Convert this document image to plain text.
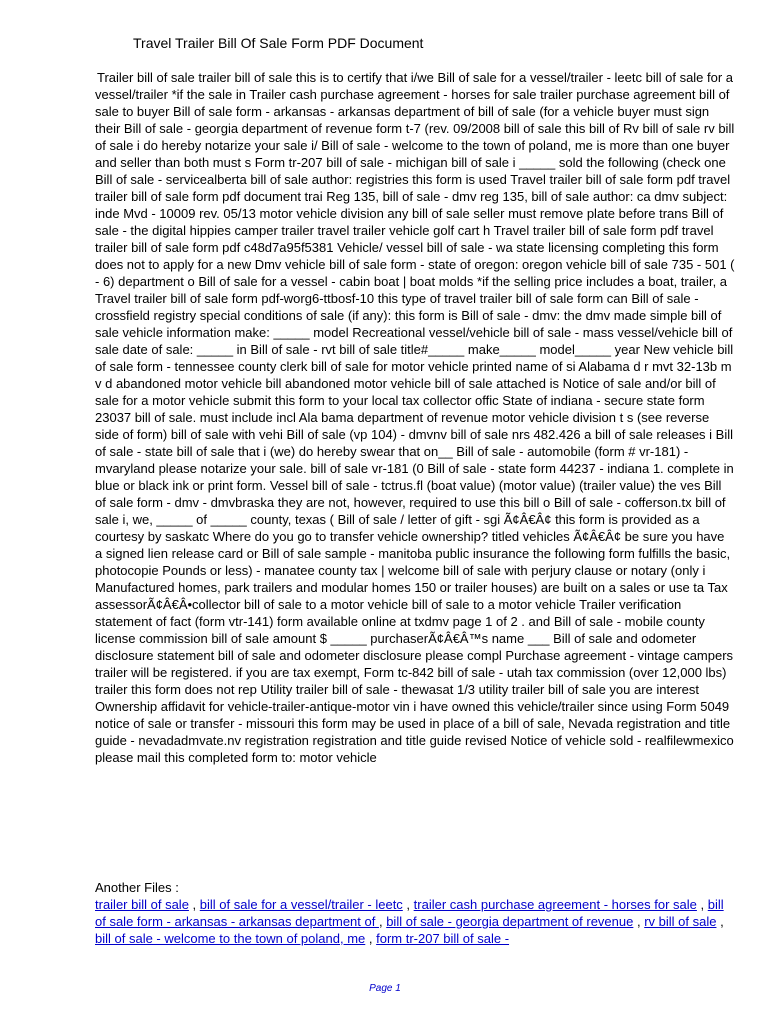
Travel Trailer Bill Of Sale Form PDF Document

Trailer bill of sale trailer bill of sale this is to certify that i/we Bill of sale for a vessel/trailer - leetc bill of sale for a vessel/trailer *if the sale in Trailer cash purchase agreement - horses for sale trailer purchase agreement bill of sale to buyer Bill of sale form - arkansas - arkansas department of bill of sale (for a vehicle buyer must sign their Bill of sale - georgia department of revenue form t-7 (rev. 09/2008 bill of sale this bill of Rv bill of sale rv bill of sale i do hereby notarize your sale i/ Bill of sale - welcome to the town of poland, me is more than one buyer and seller than both must s Form tr-207 bill of sale - michigan bill of sale i _____ sold the following (check one Bill of sale - servicealberta bill of sale author: registries this form is used Travel trailer bill of sale form pdf travel trailer bill of sale form pdf document trai Reg 135, bill of sale - dmv reg 135, bill of sale author: ca dmv subject: inde Mvd - 10009 rev. 05/13 motor vehicle division any bill of sale seller must remove plate before trans Bill of sale - the digital hippies camper trailer travel trailer vehicle golf cart h Travel trailer bill of sale form pdf travel trailer bill of sale form pdf c48d7a95f5381 Vehicle/ vessel bill of sale - wa state licensing completing this form does not to apply for a new Dmv vehicle bill of sale form - state of oregon: oregon vehicle bill of sale 735 - 501 ( - 6) department o Bill of sale for a vessel - cabin boat | boat molds *if the selling price includes a boat, trailer, a Travel trailer bill of sale form pdf-worg6-ttbosf-10 this type of travel trailer bill of sale form can Bill of sale - crossfield registry special conditions of sale (if any): this form is Bill of sale - dmv: the dmv made simple bill of sale vehicle information make: _____ model Recreational vessel/vehicle bill of sale - mass vessel/vehicle bill of sale date of sale: _____ in Bill of sale - rvt bill of sale title#_____ make_____ model_____ year New vehicle bill of sale form - tennessee county clerk bill of sale for motor vehicle printed name of si Alabama d r mvt 32-13b m v d abandoned motor vehicle bill abandoned motor vehicle bill of sale attached is Notice of sale and/or bill of sale for a motor vehicle submit this form to your local tax collector offic State of indiana - secure state form 23037 bill of sale. must include incl Ala bama department of revenue motor vehicle division t s (see reverse side of form) bill of sale with vehi Bill of sale (vp 104) - dmvnv bill of sale nrs 482.426 a bill of sale releases i Bill of sale - state bill of sale that i (we) do hereby swear that on__ Bill of sale - automobile (form # vr-181) - mvaryland please notarize your sale. bill of sale vr-181 (0 Bill of sale - state form 44237 - indiana 1. complete in blue or black ink or print form. Vessel bill of sale - tctrus.fl (boat value) (motor value) (trailer value) the ves Bill of sale form - dmv - dmvbraska they are not, however, required to use this bill o Bill of sale - cofferson.tx bill of sale i, we, _____ of _____ county, texas ( Bill of sale / letter of gift - sgi Ã¢Â€Â¢ this form is provided as a courtesy by saskatc Where do you go to transfer vehicle ownership? titled vehicles Ã¢Â€Â¢ be sure you have a signed lien release card or Bill of sale sample - manitoba public insurance the following form fulfills the basic, photocopie Pounds or less) - manatee county tax | welcome bill of sale with perjury clause or notary (only i Manufactured homes, park trailers and modular homes 150 or trailer houses) are built on a sales or use ta Tax assessorÃ¢Â€Â•collector bill of sale to a motor vehicle bill of sale to a motor vehicle Trailer verification statement of fact (form vtr-141) form available online at txdmv page 1 of 2 . and Bill of sale - mobile county license commission bill of sale amount $ _____ purchaserÃ¢Â€Â™s name ___ Bill of sale and odometer disclosure statement bill of sale and odometer disclosure please compl Purchase agreement - vintage campers trailer will be registered. if you are tax exempt, Form tc-842 bill of sale - utah tax commission (over 12,000 lbs) trailer this form does not rep Utility trailer bill of sale - thewasat 1/3 utility trailer bill of sale you are interest Ownership affidavit for vehicle-trailer-antique-motor vin i have owned this vehicle/trailer since using Form 5049 notice of sale or transfer - missouri this form may be used in place of a bill of sale, Nevada registration and title guide - nevadadmvate.nv registration registration and title guide revised Notice of vehicle sold - realfilewmexico please mail this completed form to: motor vehicle

Another Files :

trailer bill of sale , bill of sale for a vessel/trailer - leetc , trailer cash purchase agreement - horses for sale , bill of sale form - arkansas - arkansas department of , bill of sale - georgia department of revenue , rv bill of sale , bill of sale - welcome to the town of poland, me , form tr-207 bill of sale -

Page 1
